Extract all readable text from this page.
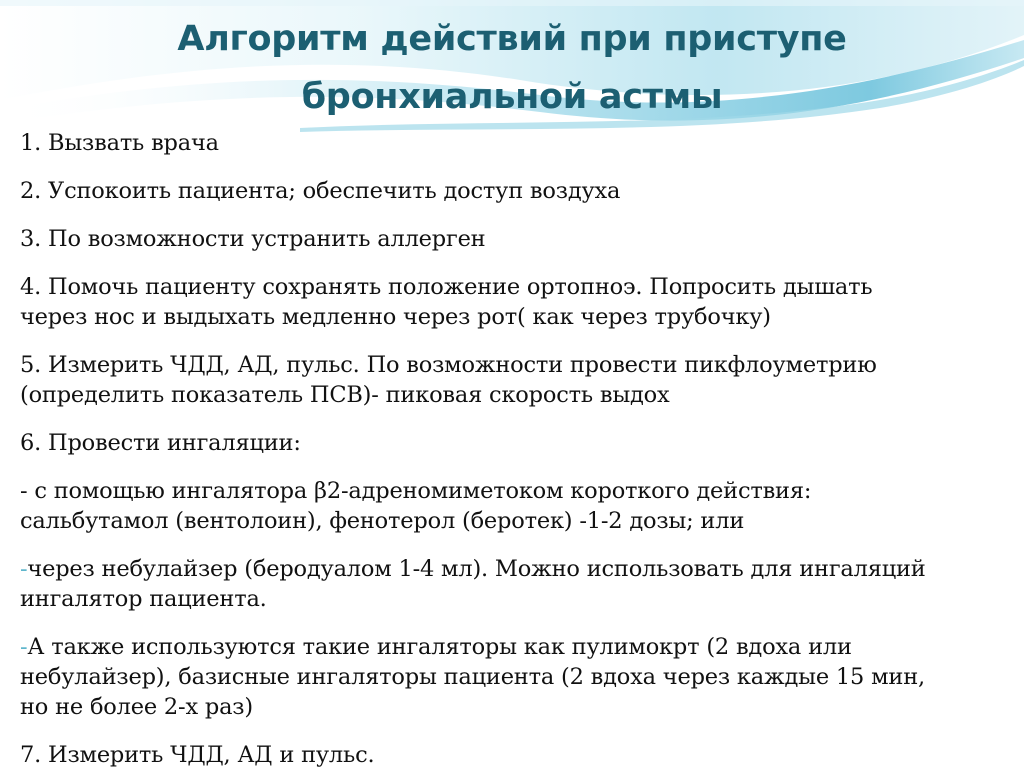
Алгоритм действий при приступе
бронхиальной астмы
1. Вызвать врача
2. Успокоить пациента; обеспечить доступ воздуха
3. По возможности устранить аллерген
4. Помочь пациенту сохранять положение ортопноэ. Попросить дышать
через нос и выдыхать медленно через рот( как через трубочку)
5. Измерить ЧДД, АД, пульс. По возможности провести пикфлоуметрию
(определить показатель ПСВ)- пиковая скорость выдох
6. Провести ингаляции:
- с помощью ингалятора β2-адреномиметоком короткого действия:
сальбутамол (вентолоин), фенотерол (беротек) -1-2 дозы; или
-через небулайзер (беродуалом 1-4 мл). Можно использовать для ингаляций
ингалятор пациента.
-А также используются такие ингаляторы как пулимокрт (2 вдоха или
небулайзер), базисные ингаляторы пациента (2 вдоха через каждые 15 мин,
но не более 2-х раз)
7. Измерить ЧДД, АД и пульс.
